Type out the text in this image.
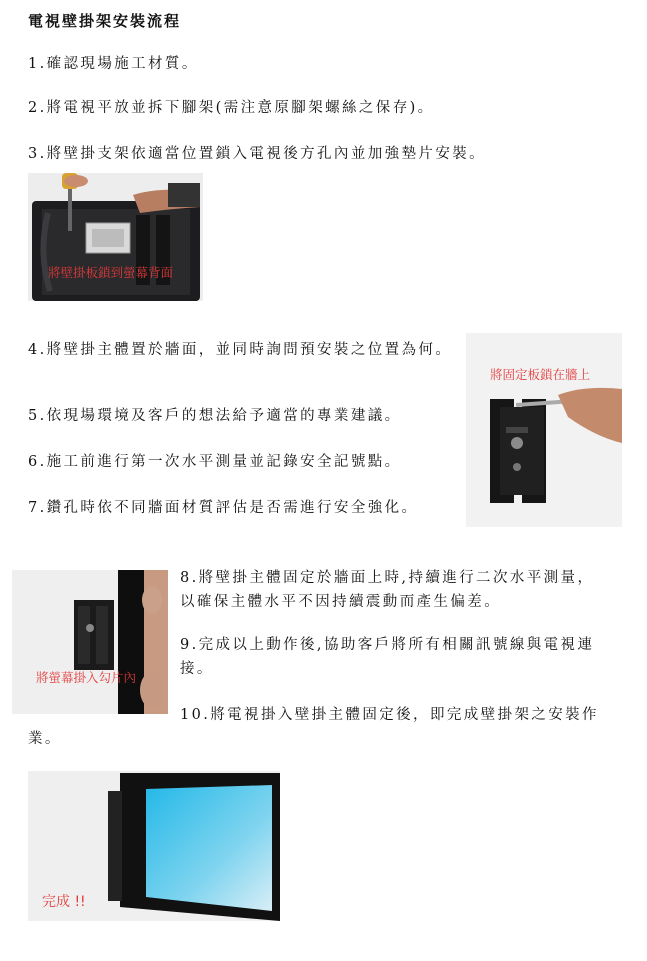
電視壁掛架安裝流程
1.確認現場施工材質。
2.將電視平放並拆下腳架(需注意原腳架螺絲之保存)。
3.將壁掛支架依適當位置鎖入電視後方孔內並加強墊片安裝。
將壁掛板鎖到螢幕背面
4.將壁掛主體置於牆面，並同時詢問預安裝之位置為何。
5.依現場環境及客戶的想法給予適當的專業建議。
6.施工前進行第一次水平測量並記錄安全記號點。
7.鑽孔時依不同牆面材質評估是否需進行安全強化。
將固定板鎖在牆上
將螢幕掛入勾片內
8.將壁掛主體固定於牆面上時,持續進行二次水平測量，以確保主體水平不因持續震動而產生偏差。
9.完成以上動作後,協助客戶將所有相關訊號線與電視連接。
10.將電視掛入壁掛主體固定後，即完成壁掛架之安裝作業。
完成 !!
